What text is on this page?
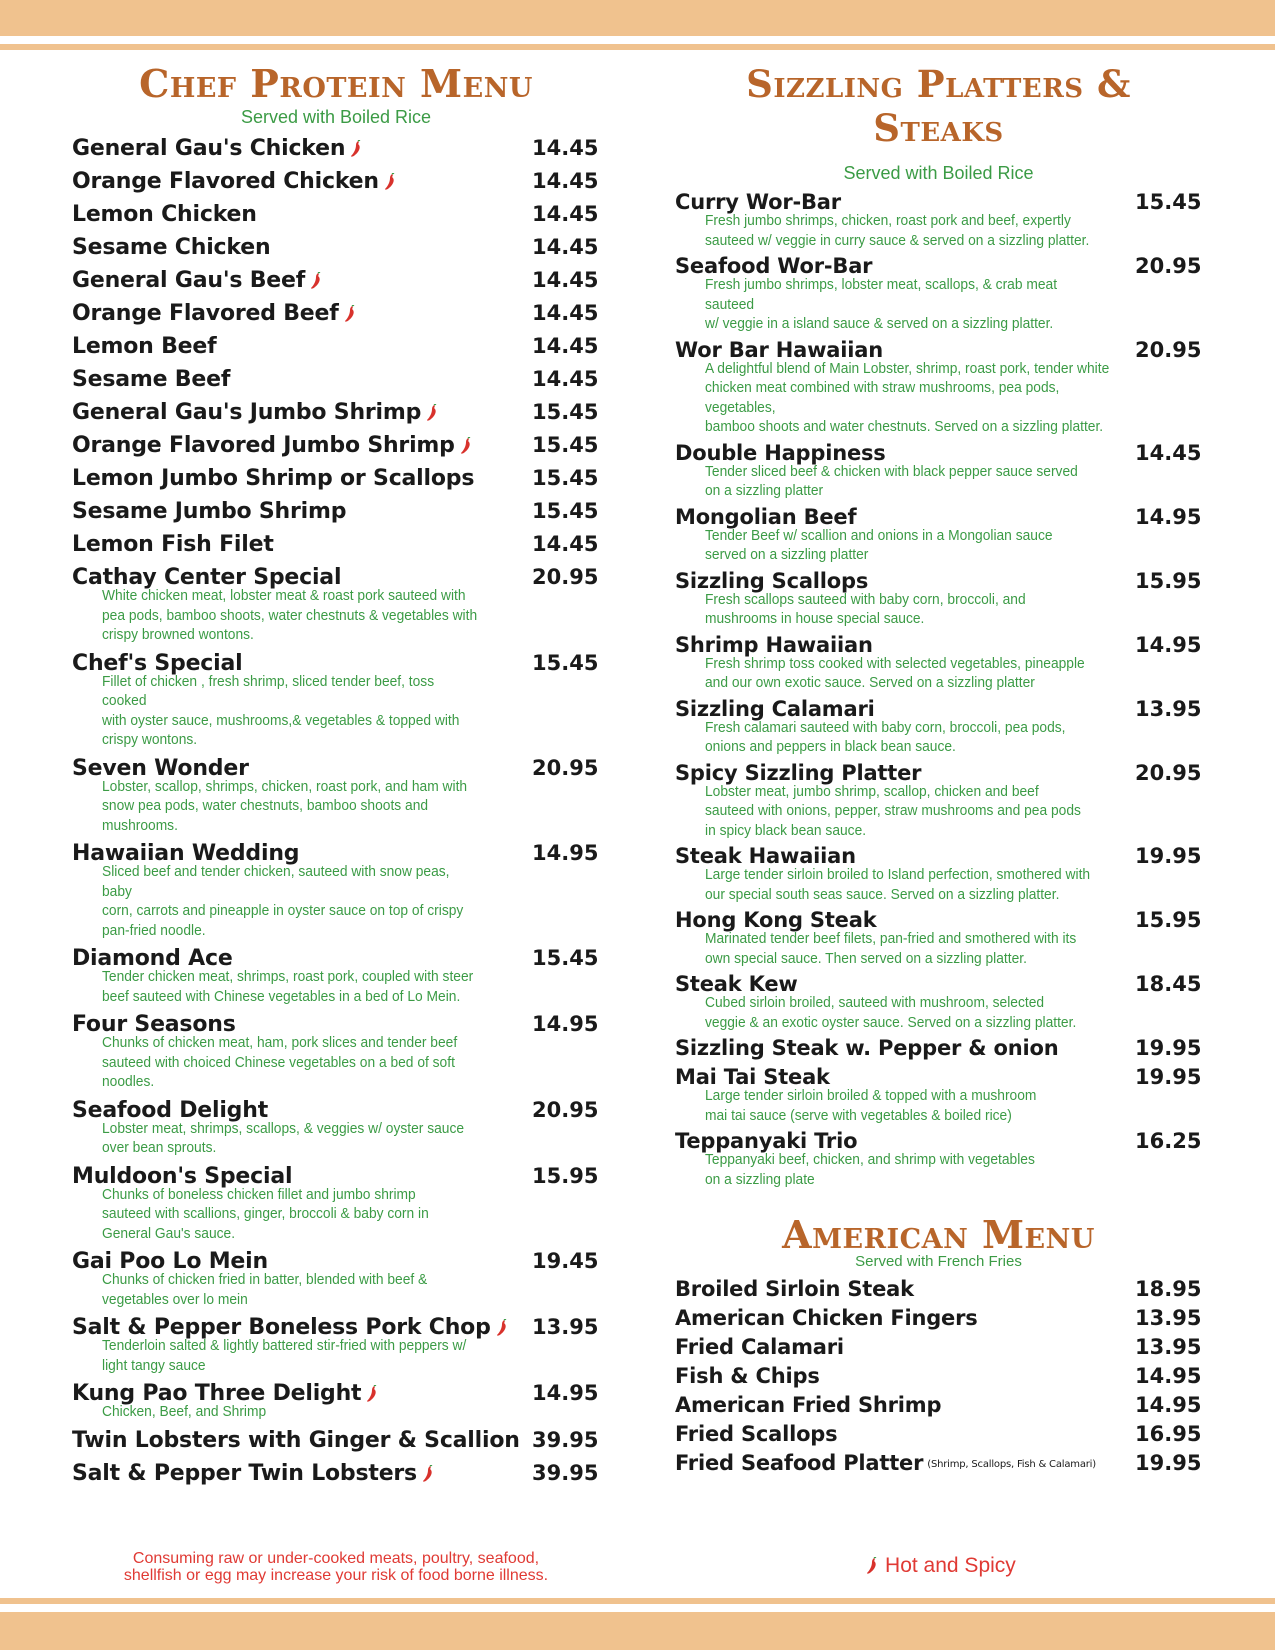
Chef Protein Menu
Served with Boiled Rice
General Gau's Chicken	14.45
Orange Flavored Chicken	14.45
Lemon Chicken	14.45
Sesame Chicken	14.45
General Gau's Beef	14.45
Orange Flavored Beef	14.45
Lemon Beef	14.45
Sesame Beef	14.45
General Gau's Jumbo Shrimp	15.45
Orange Flavored Jumbo Shrimp	15.45
Lemon Jumbo Shrimp or Scallops	15.45
Sesame Jumbo Shrimp	15.45
Lemon Fish Filet	14.45
Cathay Center Special	20.95
White chicken meat, lobster meat & roast pork sauteed with
pea pods, bamboo shoots, water chestnuts & vegetables with
crispy browned wontons.
Chef's Special	15.45
Fillet of chicken , fresh shrimp, sliced tender beef, toss cooked
with oyster sauce, mushrooms,& vegetables & topped with
crispy wontons.
Seven Wonder	20.95
Lobster, scallop, shrimps, chicken, roast pork, and ham with
snow pea pods, water chestnuts, bamboo shoots and
mushrooms.
Hawaiian Wedding	14.95
Sliced beef and tender chicken, sauteed with snow peas, baby
corn, carrots and pineapple in oyster sauce on top of crispy
pan-fried noodle.
Diamond Ace	15.45
Tender chicken meat, shrimps, roast pork, coupled with steer
beef sauteed with Chinese vegetables in a bed of Lo Mein.
Four Seasons	14.95
Chunks of chicken meat, ham, pork slices and tender beef
sauteed with choiced Chinese vegetables on a bed of soft
noodles.
Seafood Delight	20.95
Lobster meat, shrimps, scallops, & veggies w/ oyster sauce
over bean sprouts.
Muldoon's Special	15.95
Chunks of boneless chicken fillet and jumbo shrimp
sauteed with scallions, ginger, broccoli & baby corn in
General Gau's sauce.
Gai Poo Lo Mein	19.45
Chunks of chicken fried in batter, blended with beef &
vegetables over lo mein
Salt & Pepper Boneless Pork Chop	13.95
Tenderloin salted & lightly battered stir-fried with peppers w/
light tangy sauce
Kung Pao Three Delight	14.95
Chicken, Beef, and Shrimp
Twin Lobsters with Ginger & Scallion 39.95
Salt & Pepper Twin Lobsters	39.95
Sizzling Platters & Steaks
Served with Boiled Rice
Curry Wor-Bar	15.45
Fresh jumbo shrimps, chicken, roast pork and beef, expertly
sauteed w/ veggie in curry sauce & served on a sizzling platter.
Seafood Wor-Bar	20.95
Fresh jumbo shrimps, lobster meat, scallops, & crab meat sauteed
w/ veggie in a island sauce & served on a sizzling platter.
Wor Bar Hawaiian	20.95
A delightful blend of Main Lobster, shrimp, roast pork, tender white
chicken meat combined with straw mushrooms, pea pods, vegetables,
bamboo shoots and water chestnuts. Served on a sizzling platter.
Double Happiness	14.45
Tender sliced beef & chicken with black pepper sauce served
on a sizzling platter
Mongolian Beef	14.95
Tender Beef w/ scallion and onions in a Mongolian sauce
served on a sizzling platter
Sizzling Scallops	15.95
Fresh scallops sauteed with baby corn, broccoli, and
mushrooms in house special sauce.
Shrimp Hawaiian	14.95
Fresh shrimp toss cooked with selected vegetables, pineapple
and our own exotic sauce. Served on a sizzling platter
Sizzling Calamari	13.95
Fresh calamari sauteed with baby corn, broccoli, pea pods,
onions and peppers in black bean sauce.
Spicy Sizzling Platter	20.95
Lobster meat, jumbo shrimp, scallop, chicken and beef
sauteed with onions, pepper, straw mushrooms and pea pods
in spicy black bean sauce.
Steak Hawaiian	19.95
Large tender sirloin broiled to Island perfection, smothered with
our special south seas sauce. Served on a sizzling platter.
Hong Kong Steak	15.95
Marinated tender beef filets, pan-fried and smothered with its
own special sauce. Then served on a sizzling platter.
Steak Kew	18.45
Cubed sirloin broiled, sauteed with mushroom, selected
veggie & an exotic oyster sauce. Served on a sizzling platter.
Sizzling Steak w. Pepper & onion	19.95
Mai Tai Steak	19.95
Large tender sirloin broiled & topped with a mushroom
mai tai sauce (serve with vegetables & boiled rice)
Teppanyaki Trio	16.25
Teppanyaki beef, chicken, and shrimp with vegetables
on a sizzling plate
American Menu
Served with French Fries
Broiled Sirloin Steak	18.95
American Chicken Fingers	13.95
Fried Calamari	13.95
Fish & Chips	14.95
American Fried Shrimp	14.95
Fried Scallops	16.95
Fried Seafood Platter (Shrimp, Scallops, Fish & Calamari) 19.95
Consuming raw or under-cooked meats, poultry, seafood,
shellfish or egg may increase your risk of food borne illness.	Hot and Spicy
